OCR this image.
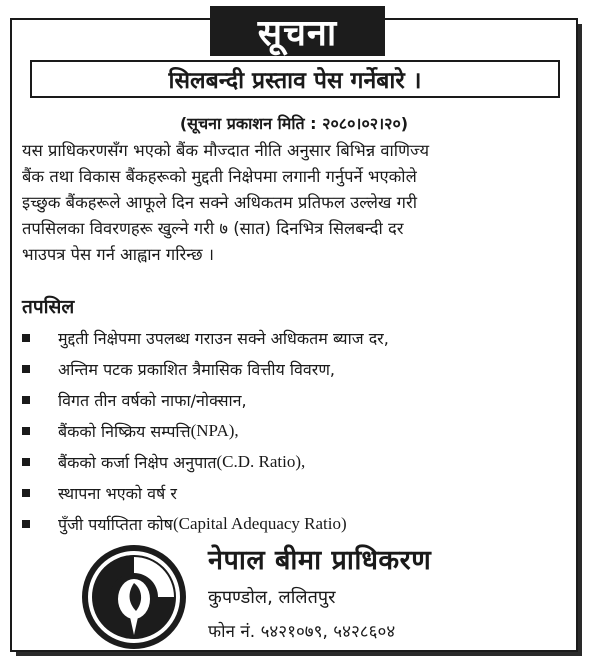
सूचना
सिलबन्दी प्रस्ताव पेस गर्नेबारे ।
(सूचना प्रकाशन मिति : २०८०।०२।२०)
यस प्राधिकरणसँग भएको बैंक मौज्दात नीति अनुसार बिभिन्न वाणिज्य
बैंक तथा विकास बैंकहरूको मुद्दती निक्षेपमा लगानी गर्नुपर्ने भएकोले
इच्छुक बैंकहरूले आफूले दिन सक्ने अधिकतम प्रतिफल उल्लेख गरी
तपसिलका विवरणहरू खुल्ने गरी ७ (सात) दिनभित्र सिलबन्दी दर
भाउपत्र पेस गर्न आह्वान गरिन्छ ।
तपसिल
मुद्दती निक्षेपमा उपलब्ध गराउन सक्ने अधिकतम ब्याज दर,
अन्तिम पटक प्रकाशित त्रैमासिक वित्तीय विवरण,
विगत तीन वर्षको नाफा/नोक्सान,
बैंकको निष्क्रिय सम्पत्ति (NPA),
बैंकको कर्जा निक्षेप अनुपात (C.D. Ratio),
स्थापना भएको वर्ष र
पुँजी पर्याप्तिता कोष (Capital Adequacy Ratio)
नेपाल बीमा प्राधिकरण
कुपण्डोल, ललितपुर
फोन नं. ५४२१०७९, ५४२८६०४
